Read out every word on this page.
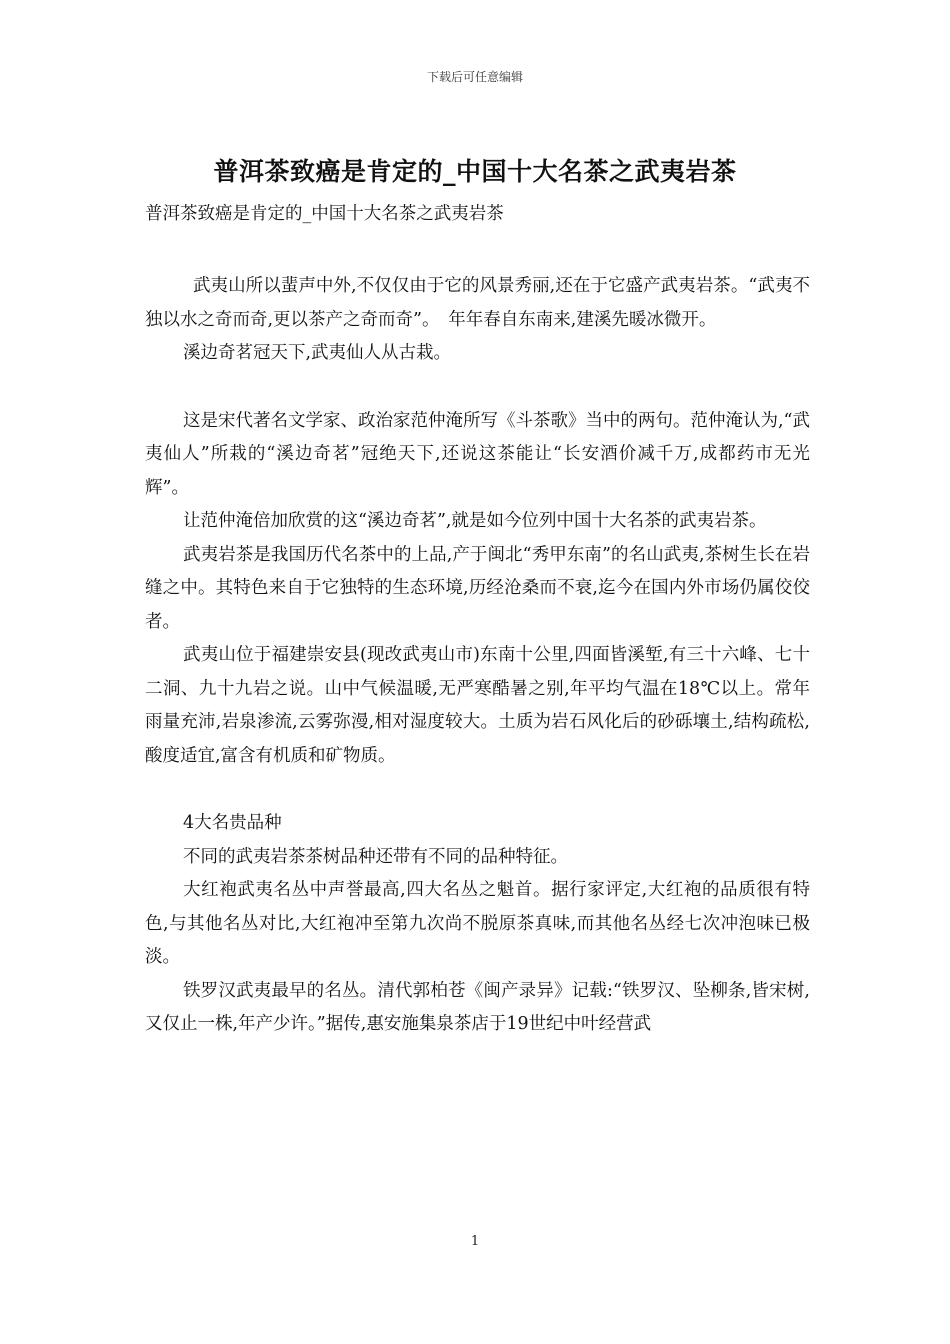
下载后可任意编辑
普洱茶致癌是肯定的_中国十大名茶之武夷岩茶

普洱茶致癌是肯定的_中国十大名茶之武夷岩茶

武夷山所以蜚声中外,不仅仅由于它的风景秀丽,还在于它盛产武夷岩茶。“武夷不独以水之奇而奇,更以茶产之奇而奇”。　年年春自东南来,建溪先暖冰微开。

溪边奇茗冠天下,武夷仙人从古栽。

这是宋代著名文学家、政治家范仲淹所写《斗茶歌》当中的两句。范仲淹认为,“武夷仙人”所栽的“溪边奇茗”冠绝天下,还说这茶能让“长安酒价减千万,成都药市无光辉”。

让范仲淹倍加欣赏的这“溪边奇茗”,就是如今位列中国十大名茶的武夷岩茶。

武夷岩茶是我国历代名茶中的上品,产于闽北“秀甲东南”的名山武夷,茶树生长在岩缝之中。其特色来自于它独特的生态环境,历经沧桑而不衰,迄今在国内外市场仍属佼佼者。

武夷山位于福建崇安县(现改武夷山市)东南十公里,四面皆溪堑,有三十六峰、七十二洞、九十九岩之说。山中气候温暖,无严寒酷暑之别,年平均气温在18℃以上。常年雨量充沛,岩泉渗流,云雾弥漫,相对湿度较大。土质为岩石风化后的砂砾壤土,结构疏松,酸度适宜,富含有机质和矿物质。

4大名贵品种

不同的武夷岩茶茶树品种还带有不同的品种特征。

大红袍武夷名丛中声誉最高,四大名丛之魁首。据行家评定,大红袍的品质很有特色,与其他名丛对比,大红袍冲至第九次尚不脱原茶真味,而其他名丛经七次冲泡味已极淡。

铁罗汉武夷最早的名丛。清代郭柏苍《闽产录异》记载:“铁罗汉、坠柳条,皆宋树,又仅止一株,年产少许。”据传,惠安施集泉茶店于19世纪中叶经营武

1
